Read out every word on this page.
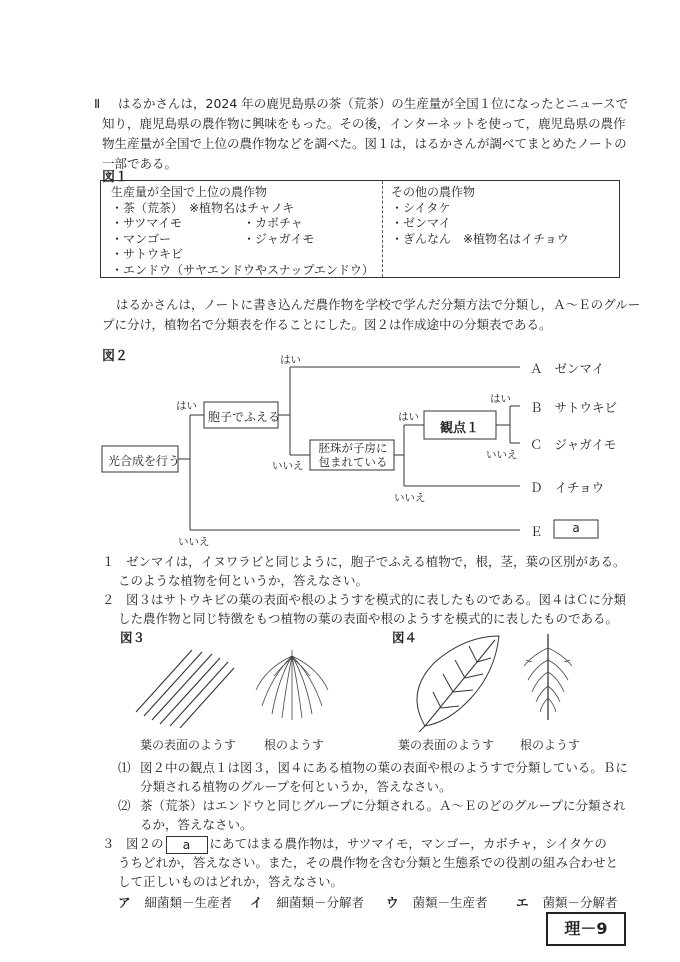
Ⅱ はるかさんは，2024 年の鹿児島県の茶（荒茶）の生産量が全国１位になったとニュースで
知り，鹿児島県の農作物に興味をもった。その後，インターネットを使って，鹿児島県の農作
物生産量が全国で上位の農作物などを調べた。図１は，はるかさんが調べてまとめたノートの
一部である。
図１
生産量が全国で上位の農作物
・茶（荒茶）　※植物名はチャノキ
・サツマイモ	・カボチャ
・マンゴー	・ジャガイモ
・サトウキビ
・エンドウ（サヤエンドウやスナップエンドウ）
その他の農作物
・シイタケ
・ゼンマイ
・ぎんなん　※植物名はイチョウ
はるかさんは，ノートに書き込んだ農作物を学校で学んだ分類方法で分類し，Ａ～Ｅのグルー
プに分け，植物名で分類表を作ることにした。図２は作成途中の分類表である。
図２
光合成を行う
胞子でふえる
胚珠が子房に
包まれている
観点１
はい
いいえ
はい
いいえ
はい
いいえ
はい
いいえ
Ａ ゼンマイ
Ｂ サトウキビ
Ｃ ジャガイモ
Ｄ イチョウ
Ｅ	a
１ ゼンマイは，イヌワラビと同じように，胞子でふえる植物で，根，茎，葉の区別がある。
このような植物を何というか，答えなさい。
２ 図３はサトウキビの葉の表面や根のようすを模式的に表したものである。図４はＣに分類
した農作物と同じ特徴をもつ植物の葉の表面や根のようすを模式的に表したものである。
図３	図４
葉の表面のようす 根のようす	葉の表面のようす 根のようす
⑴ 図２中の観点１は図３，図４にある植物の葉の表面や根のようすで分類している。Ｂに
分類される植物のグループを何というか，答えなさい。
⑵ 茶（荒茶）はエンドウと同じグループに分類される。Ａ～Ｅのどのグループに分類され
るか，答えなさい。
３ 図２の a にあてはまる農作物は，サツマイモ，マンゴー，カボチャ，シイタケの
うちどれか，答えなさい。また，その農作物を含む分類と生態系での役割の組み合わせと
して正しいものはどれか，答えなさい。
ア 細菌類－生産者 イ 細菌類－分解者 ウ 菌類－生産者 エ 菌類－分解者
理－9
